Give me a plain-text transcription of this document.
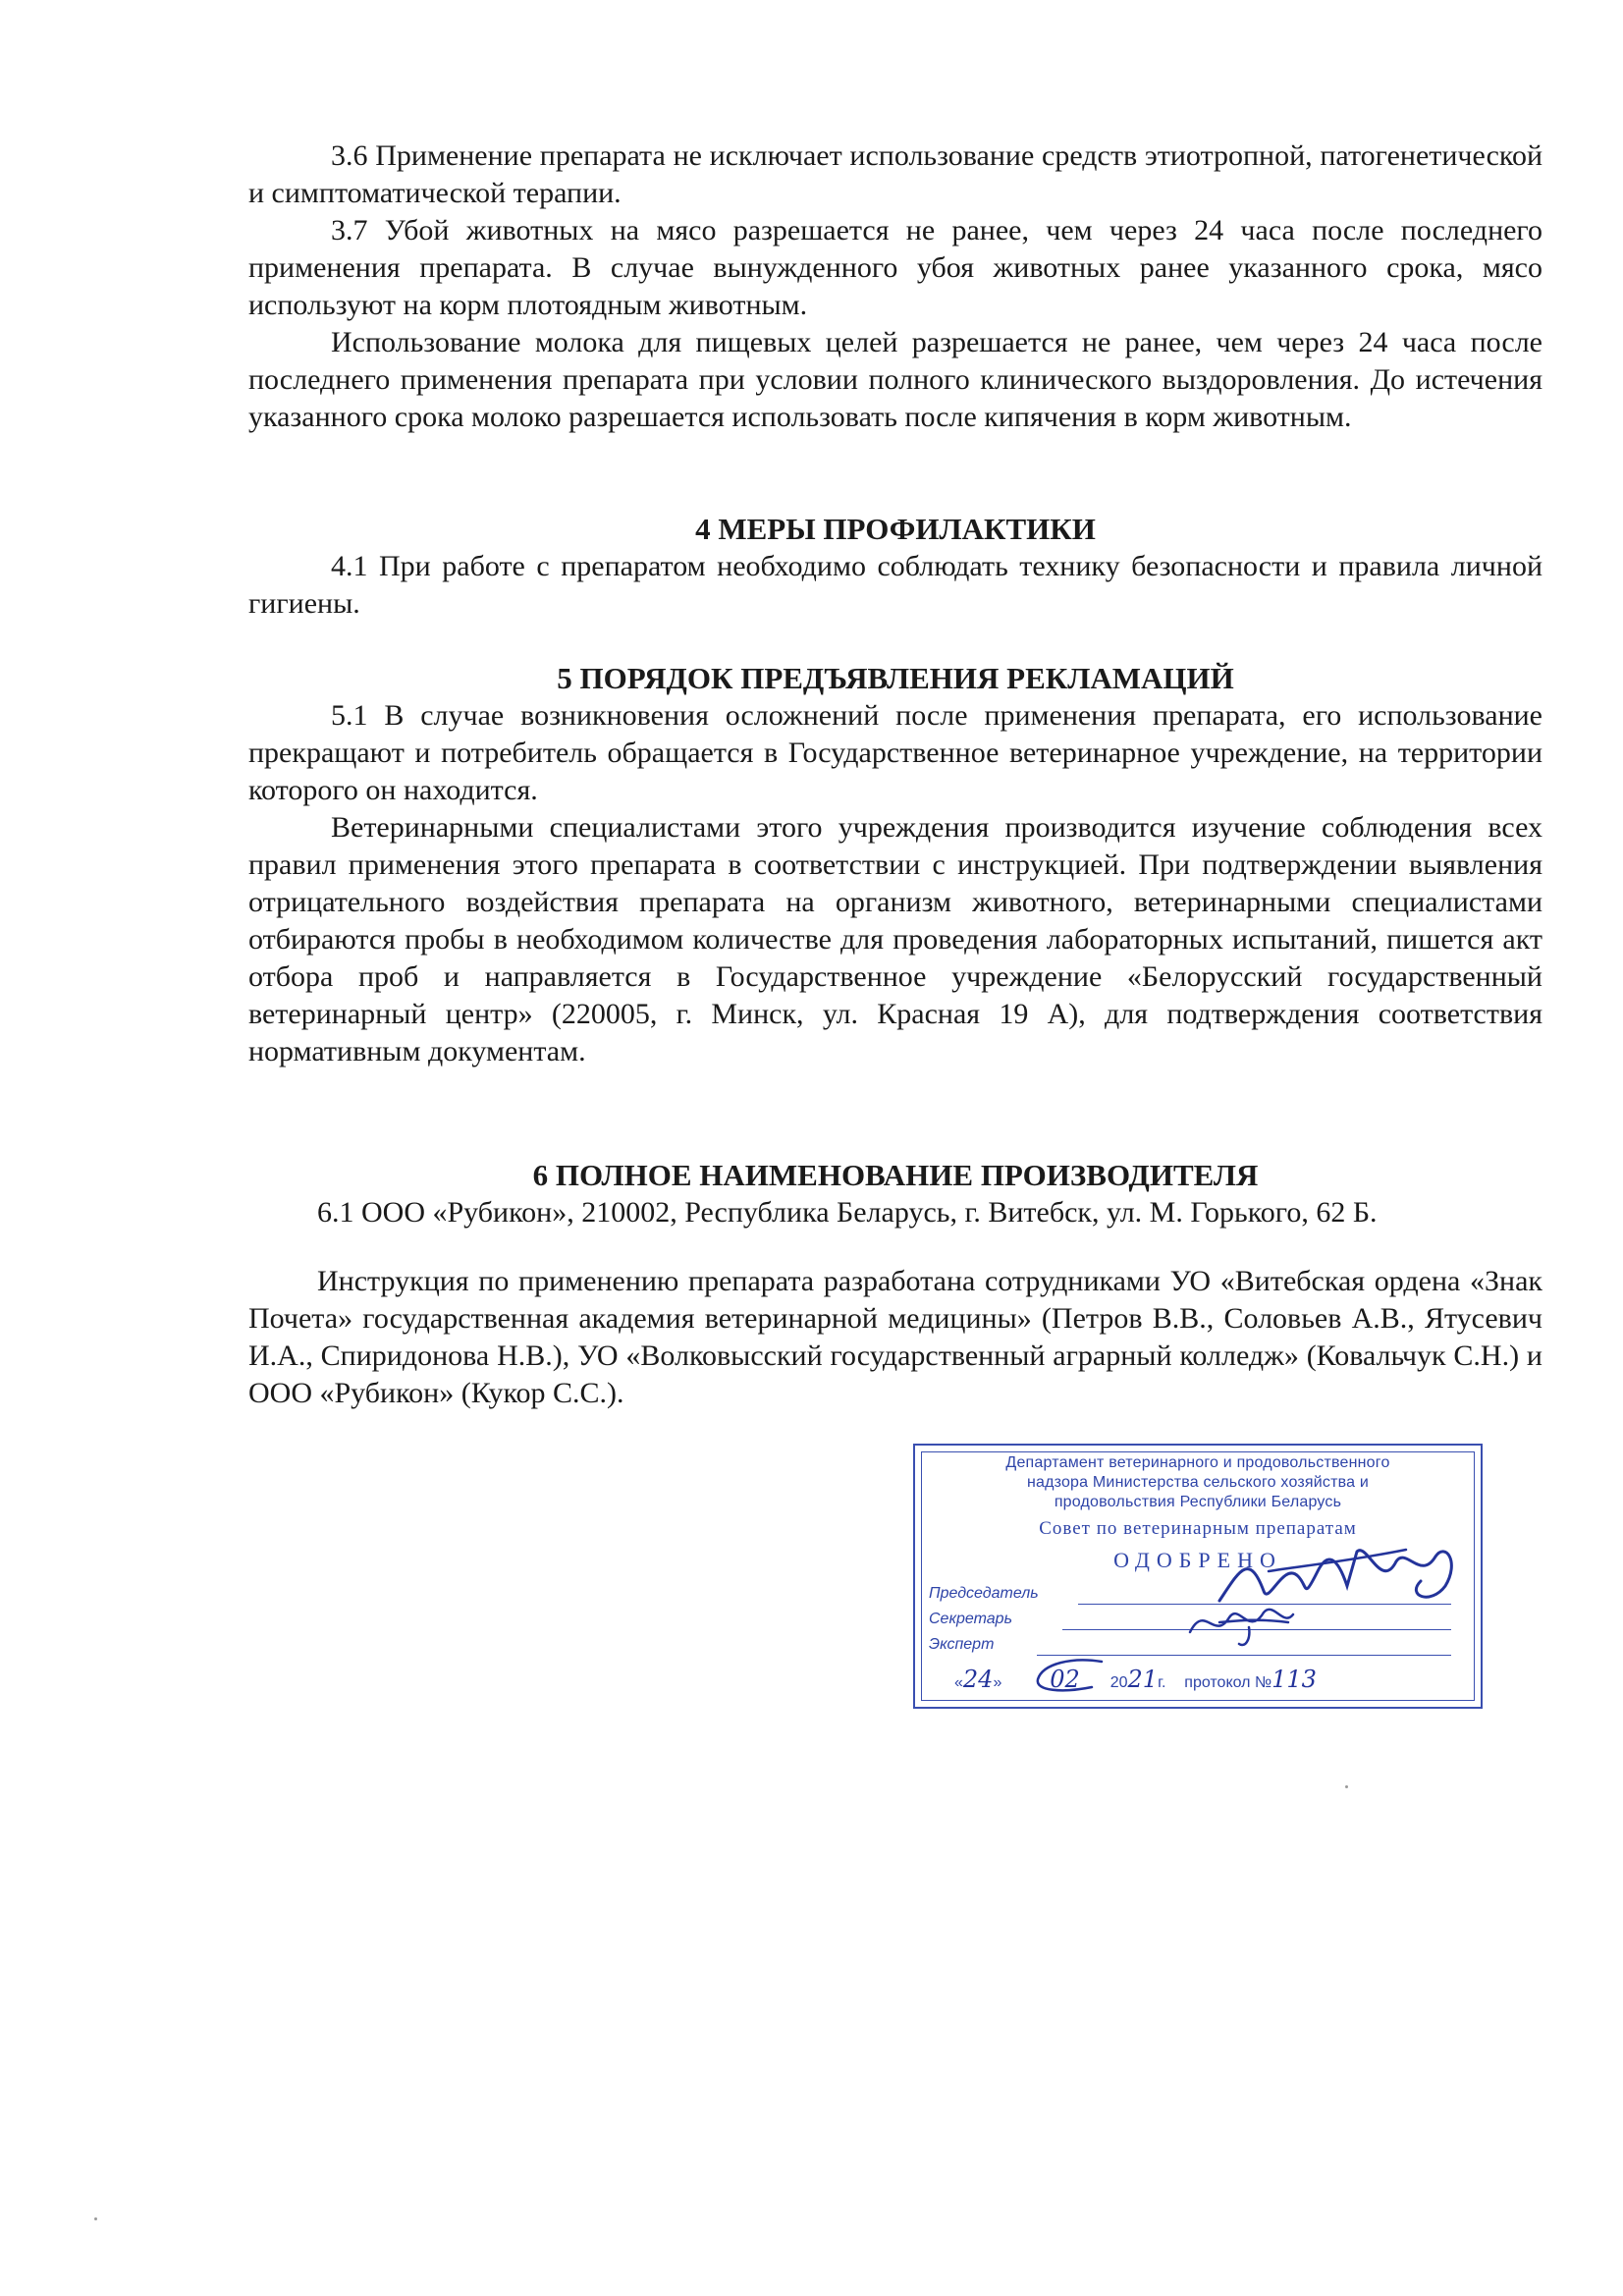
3.6 Применение препарата не исключает использование средств этиотропной, патогенетической и симптоматической терапии.

3.7 Убой животных на мясо разрешается не ранее, чем через 24 часа после последнего применения препарата. В случае вынужденного убоя животных ранее указанного срока, мясо используют на корм плотоядным животным.

Использование молока для пищевых целей разрешается не ранее, чем через 24 часа после последнего применения препарата при условии полного клинического выздоровления. До истечения указанного срока молоко разрешается использовать после кипячения в корм животным.

4 МЕРЫ ПРОФИЛАКТИКИ

4.1 При работе с препаратом необходимо соблюдать технику безопасности и правила личной гигиены.

5 ПОРЯДОК ПРЕДЪЯВЛЕНИЯ РЕКЛАМАЦИЙ

5.1 В случае возникновения осложнений после применения препарата, его использование прекращают и потребитель обращается в Государственное ветеринарное учреждение, на территории которого он находится.

Ветеринарными специалистами этого учреждения производится изучение соблюдения всех правил применения этого препарата в соответствии с инструкцией. При подтверждении выявления отрицательного воздействия препарата на организм животного, ветеринарными специалистами отбираются пробы в необходимом количестве для проведения лабораторных испытаний, пишется акт отбора проб и направляется в Государственное учреждение «Белорусский государственный ветеринарный центр» (220005, г. Минск, ул. Красная 19 А), для подтверждения соответствия нормативным документам.

6 ПОЛНОЕ НАИМЕНОВАНИЕ ПРОИЗВОДИТЕЛЯ

6.1 ООО «Рубикон», 210002, Республика Беларусь, г. Витебск, ул. М. Горького, 62 Б.

Инструкция по применению препарата разработана сотрудниками УО «Витебская ордена «Знак Почета» государственная академия ветеринарной медицины» (Петров В.В., Соловьев А.В., Ятусевич И.А., Спиридонова Н.В.), УО «Волковысский государственный аграрный колледж» (Ковальчук С.Н.) и ООО «Рубикон» (Кукор С.С.).

Департамент ветеринарного и продовольственного
надзора Министерства сельского хозяйства и
продовольствия Республики Беларусь
Совет по ветеринарным препаратам
ОДОБРЕНО
Председатель
Секретарь
Эксперт
«24» 02 2021г. протокол №113
